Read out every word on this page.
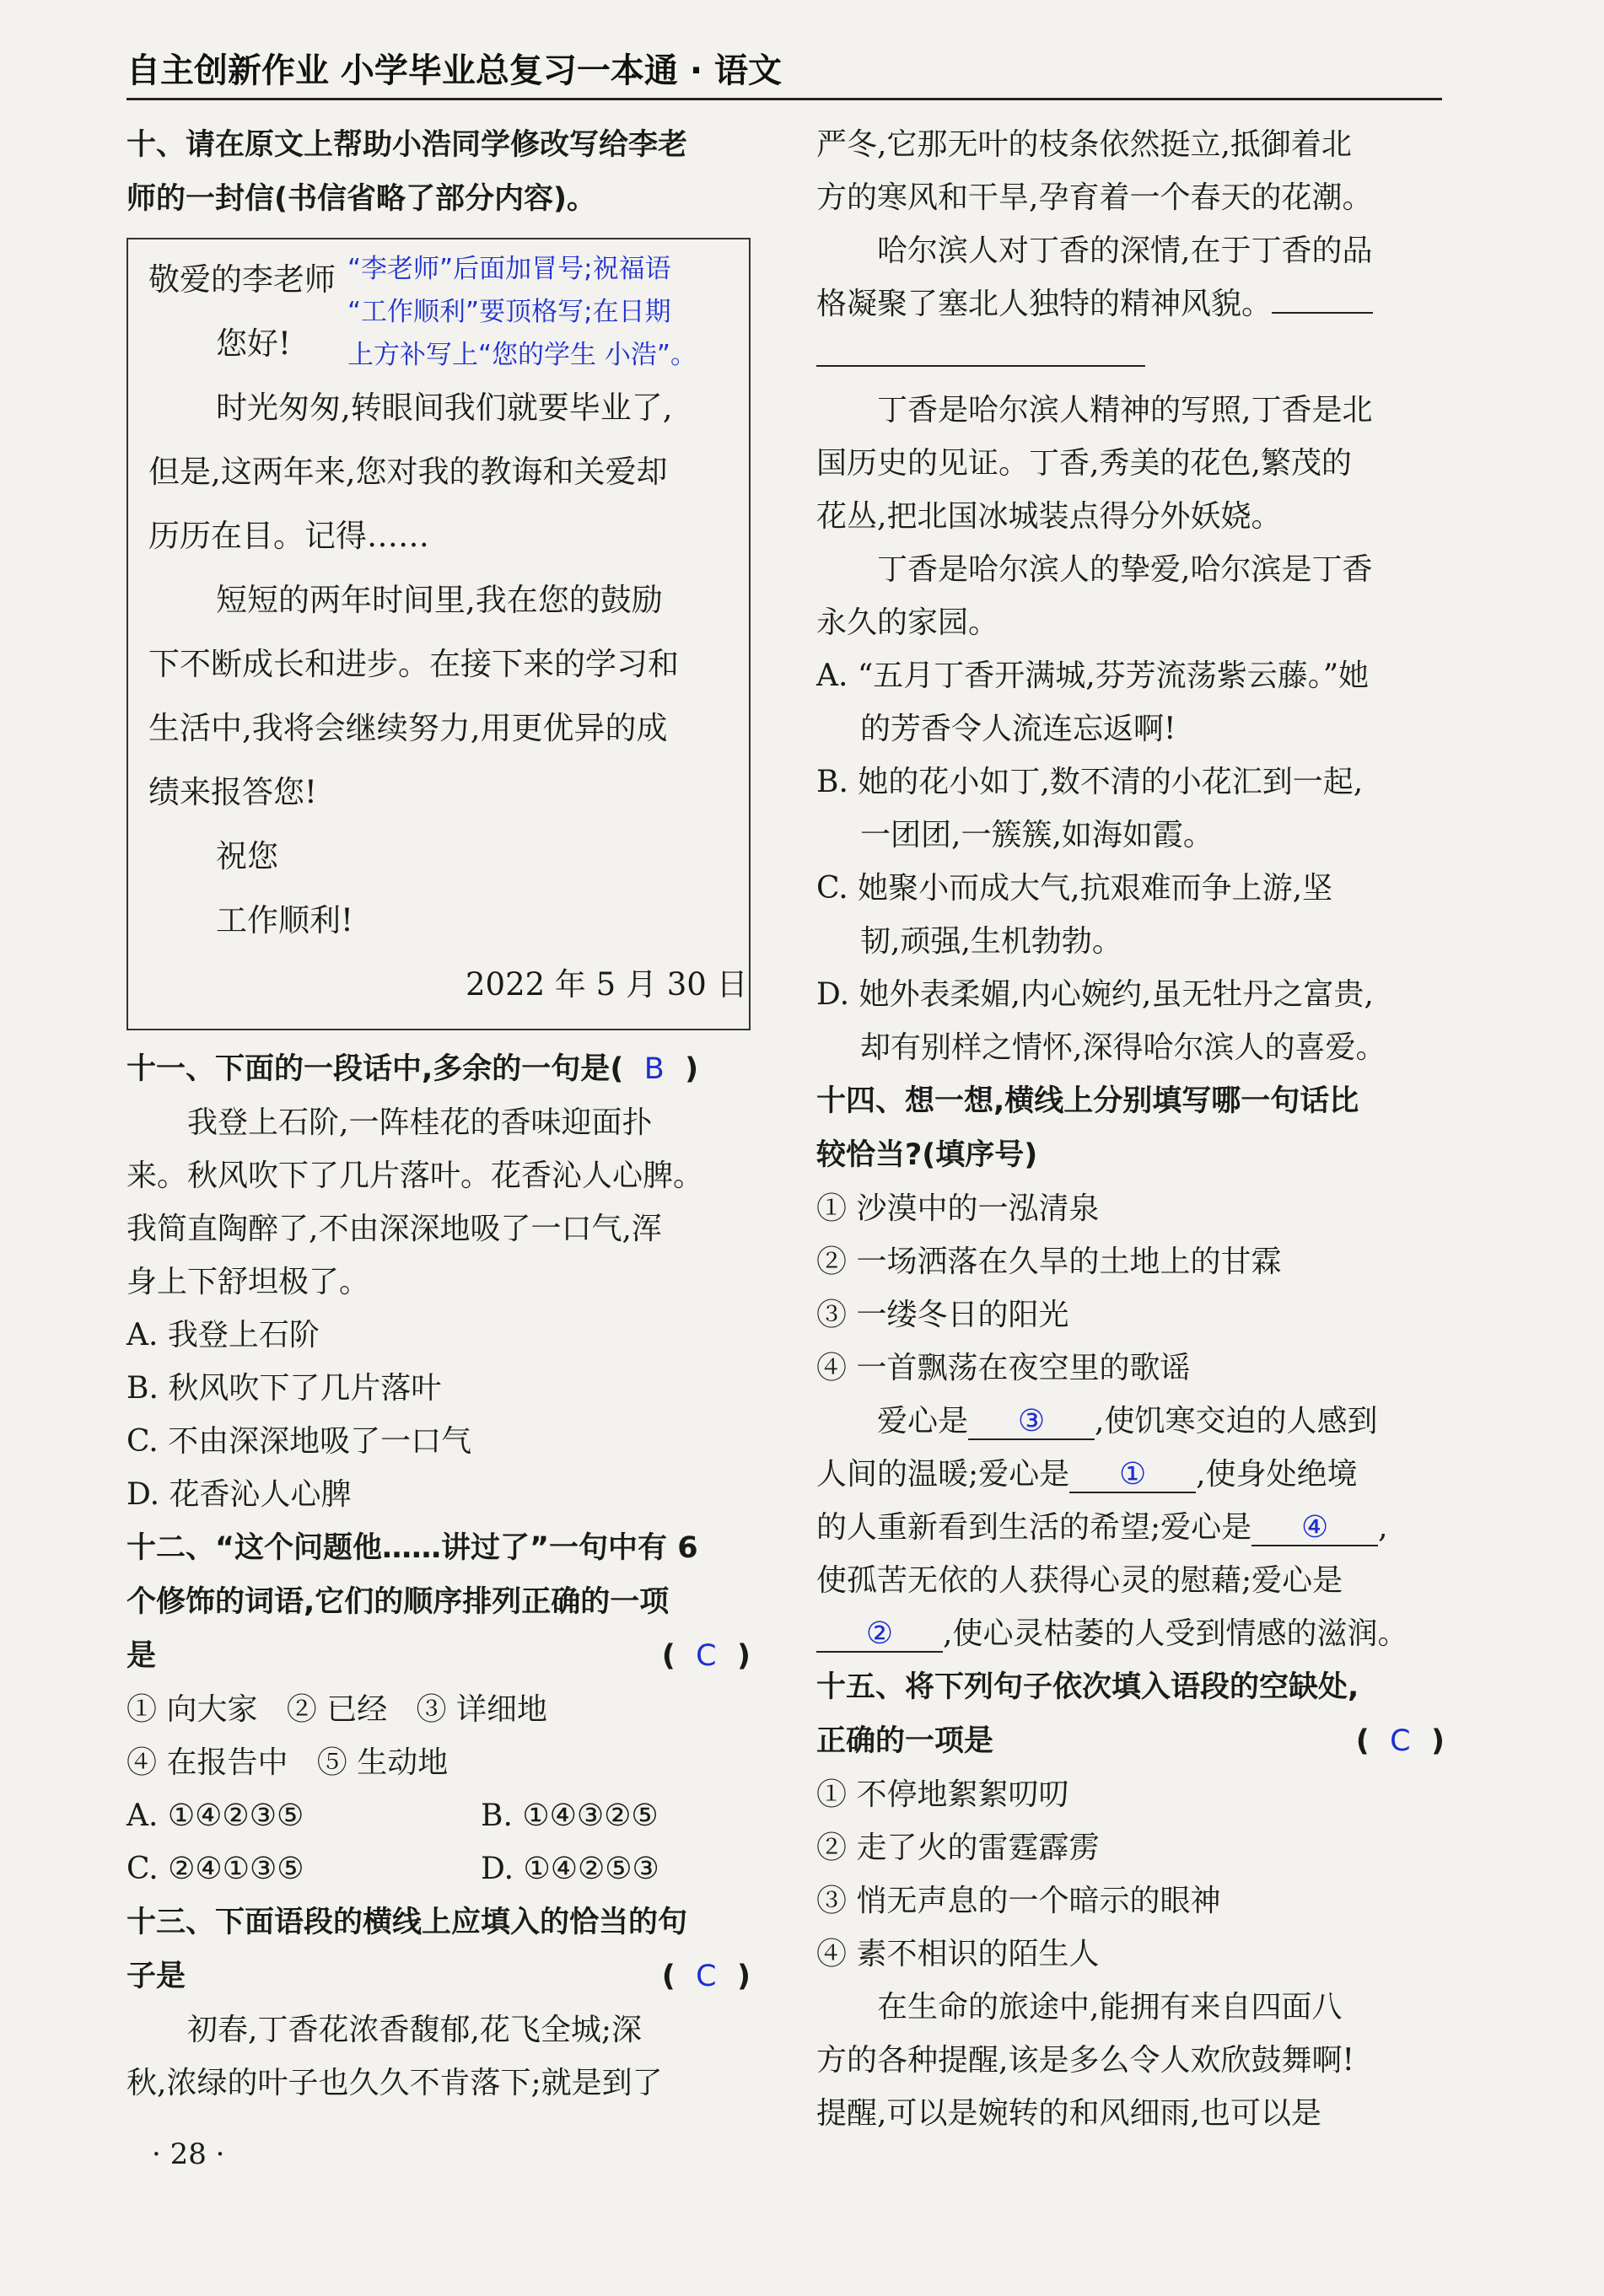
自主创新作业 小学毕业总复习一本通 · 语文
十、请在原文上帮助小浩同学修改写给李老
师的一封信(书信省略了部分内容)。
敬爱的李老师
您好!
时光匆匆,转眼间我们就要毕业了,
但是,这两年来,您对我的教诲和关爱却
历历在目。记得……
短短的两年时间里,我在您的鼓励
下不断成长和进步。在接下来的学习和
生活中,我将会继续努力,用更优异的成
绩来报答您!
祝您
工作顺利!
2022 年 5 月 30 日
“李老师”后面加冒号;祝福语
“工作顺利”要顶格写;在日期
上方补写上“您的学生 小浩”。
十一、下面的一段话中,多余的一句是(  B  )
我登上石阶,一阵桂花的香味迎面扑
来。秋风吹下了几片落叶。花香沁人心脾。
我简直陶醉了,不由深深地吸了一口气,浑
身上下舒坦极了。
A. 我登上石阶
B. 秋风吹下了几片落叶
C. 不由深深地吸了一口气
D. 花香沁人心脾
十二、“这个问题他……讲过了”一句中有 6
个修饰的词语,它们的顺序排列正确的一项
是	(  C  )
① 向大家   ② 已经   ③ 详细地
④ 在报告中   ⑤ 生动地
A. ①④②③⑤	B. ①④③②⑤
C. ②④①③⑤	D. ①④②⑤③
十三、下面语段的横线上应填入的恰当的句
子是	(  C  )
初春,丁香花浓香馥郁,花飞全城;深
秋,浓绿的叶子也久久不肯落下;就是到了
严冬,它那无叶的枝条依然挺立,抵御着北
方的寒风和干旱,孕育着一个春天的花潮。
哈尔滨人对丁香的深情,在于丁香的品
格凝聚了塞北人独特的精神风貌。
丁香是哈尔滨人精神的写照,丁香是北
国历史的见证。丁香,秀美的花色,繁茂的
花丛,把北国冰城装点得分外妖娆。
丁香是哈尔滨人的挚爱,哈尔滨是丁香
永久的家园。
A. “五月丁香开满城,芬芳流荡紫云藤。”她
的芳香令人流连忘返啊!
B. 她的花小如丁,数不清的小花汇到一起,
一团团,一簇簇,如海如霞。
C. 她聚小而成大气,抗艰难而争上游,坚
韧,顽强,生机勃勃。
D. 她外表柔媚,内心婉约,虽无牡丹之富贵,
却有别样之情怀,深得哈尔滨人的喜爱。
十四、想一想,横线上分别填写哪一句话比
较恰当?(填序号)
① 沙漠中的一泓清泉
② 一场洒落在久旱的土地上的甘霖
③ 一缕冬日的阳光
④ 一首飘荡在夜空里的歌谣
爱心是 ③ ,使饥寒交迫的人感到
人间的温暖;爱心是 ① ,使身处绝境
的人重新看到生活的希望;爱心是 ④ ,
使孤苦无依的人获得心灵的慰藉;爱心是
② ,使心灵枯萎的人受到情感的滋润。
十五、将下列句子依次填入语段的空缺处,
正确的一项是	(  C  )
① 不停地絮絮叨叨
② 走了火的雷霆霹雳
③ 悄无声息的一个暗示的眼神
④ 素不相识的陌生人
在生命的旅途中,能拥有来自四面八
方的各种提醒,该是多么令人欢欣鼓舞啊!
提醒,可以是婉转的和风细雨,也可以是
· 28 ·
